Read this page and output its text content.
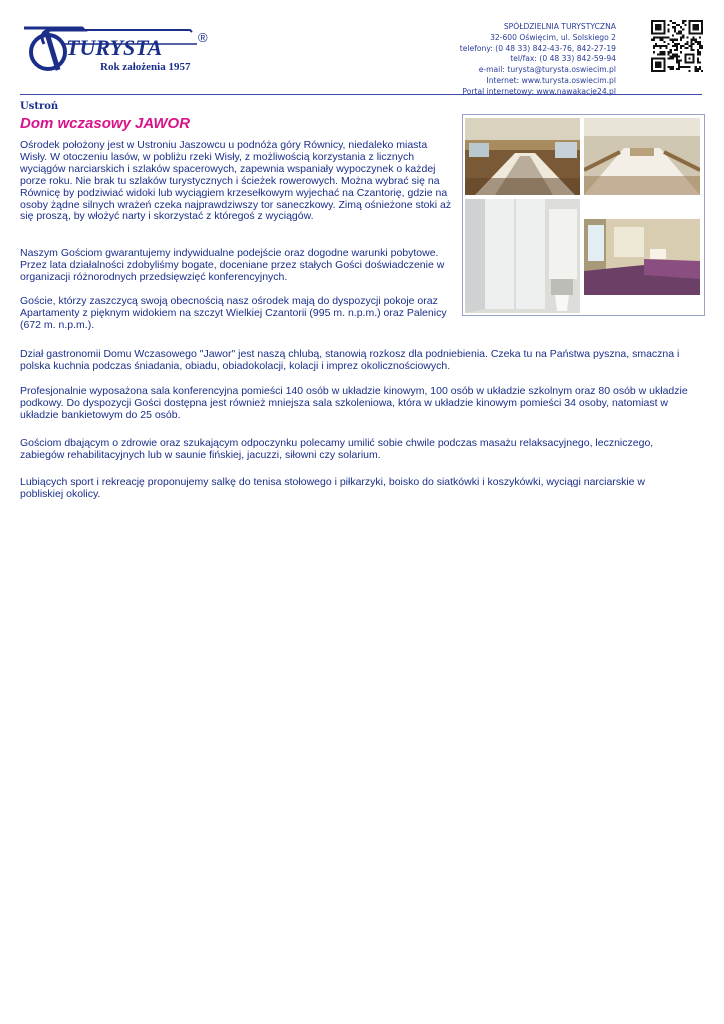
TURYSTA	®
Rok założenia 1957
SPÓŁDZIELNIA TURYSTYCZNA
32-600 Oświęcim, ul. Solskiego 2
telefony: (0 48 33) 842-43-76, 842-27-19
tel/fax: (0 48 33) 842-59-94
e-mail: turysta@turysta.oswiecim.pl
Internet: www.turysta.oswiecim.pl
Portal internetowy: www.nawakacje24.pl
Ustroń
Dom wczasowy JAWOR

Ośrodek położony jest w Ustroniu Jaszowcu u podnóża góry Równicy, niedaleko miasta Wisły. W otoczeniu lasów, w pobliżu rzeki Wisły, z możliwością korzystania z licznych wyciągów narciarskich i szlaków spacerowych, zapewnia wspaniały wypoczynek o każdej porze roku. Nie brak tu szlaków turystycznych i ścieżek rowerowych. Można wybrać się na Równicę by podziwiać widoki lub wyciągiem krzesełkowym wyjechać na Czantorię, gdzie na osoby żądne silnych wrażeń czeka najprawdziwszy tor saneczkowy. Zimą ośnieżone stoki aż się proszą, by włożyć narty i skorzystać z któregoś z wyciągów.

Naszym Gościom gwarantujemy indywidualne podejście oraz dogodne warunki pobytowe. Przez lata działalności zdobyliśmy bogate, doceniane przez stałych Gości doświadczenie w organizacji różnorodnych przedsięwzięć konferencyjnych.

Goście, którzy zaszczycą swoją obecnością nasz ośrodek mają do dyspozycji pokoje oraz Apartamenty z pięknym widokiem na szczyt Wielkiej Czantorii (995 m. n.p.m.) oraz Palenicy (672 m. n.p.m.).

Dział gastronomii Domu Wczasowego "Jawor" jest naszą chlubą, stanowią rozkosz dla podniebienia. Czeka tu na Państwa pyszna, smaczna i polska kuchnia podczas śniadania, obiadu, obiadokolacji, kolacji i imprez okolicznościowych.

Profesjonalnie wyposażona sala konferencyjna pomieści 140 osób w układzie kinowym, 100 osób w układzie szkolnym oraz 80 osób w układzie podkowy. Do dyspozycji Gości dostępna jest również mniejsza sala szkoleniowa, która w układzie kinowym pomieści 34 osoby, natomiast w układzie bankietowym do 25 osób.

Gościom dbającym o zdrowie oraz szukającym odpoczynku polecamy umilić sobie chwile podczas masażu relaksacyjnego, leczniczego, zabiegów rehabilitacyjnych lub w saunie fińskiej, jacuzzi, siłowni czy solarium.

Lubiących sport i rekreację proponujemy salkę do tenisa stołowego i piłkarzyki, boisko do siatkówki i koszykówki, wyciągi narciarskie w pobliskiej okolicy.
